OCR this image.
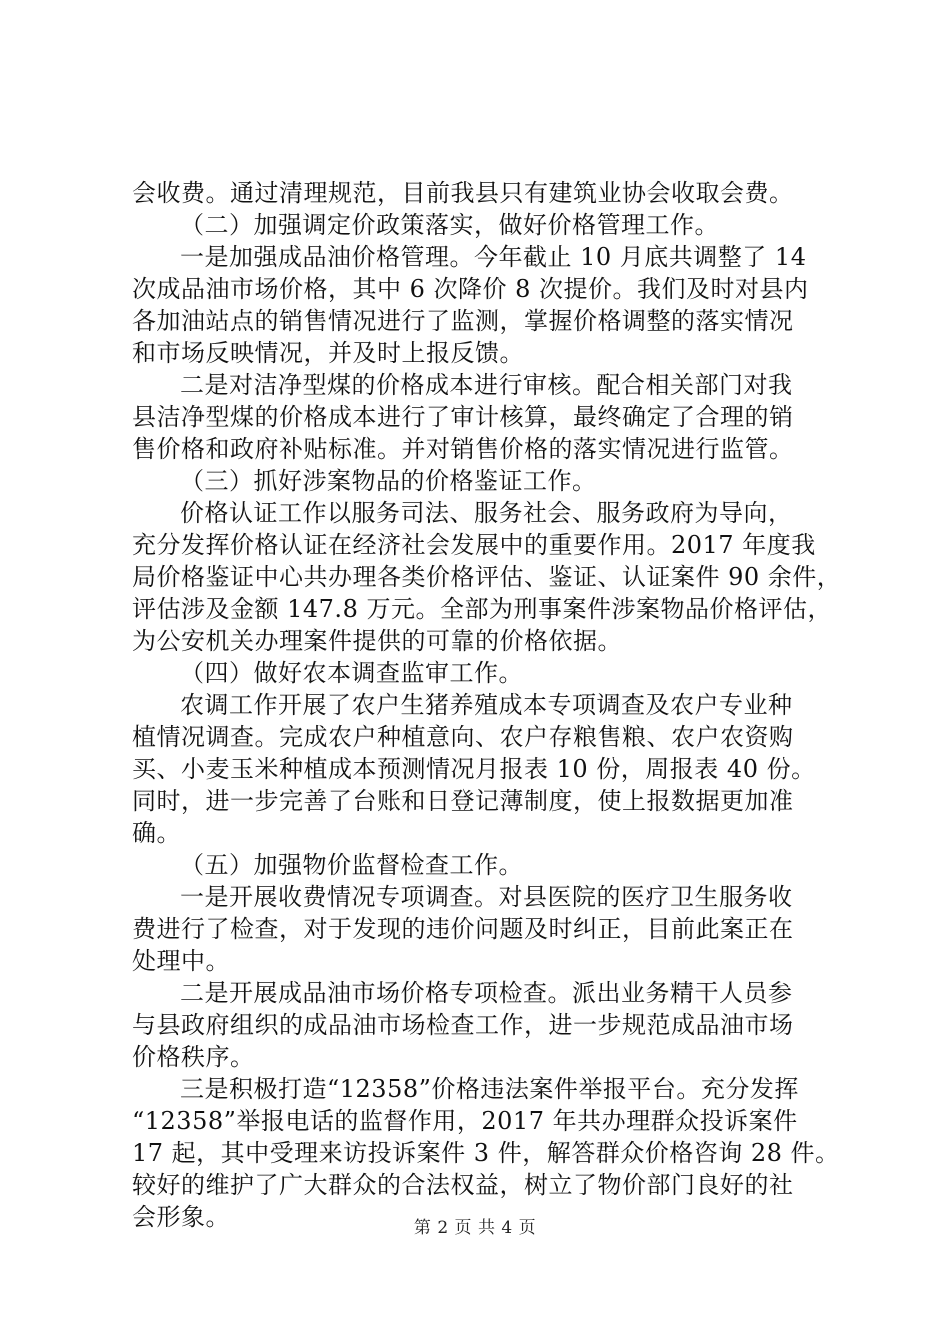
会收费。通过清理规范，目前我县只有建筑业协会收取会费。
（二）加强调定价政策落实，做好价格管理工作。
一是加强成品油价格管理。今年截止 10 月底共调整了 14
次成品油市场价格，其中 6 次降价 8 次提价。我们及时对县内
各加油站点的销售情况进行了监测，掌握价格调整的落实情况
和市场反映情况，并及时上报反馈。
二是对洁净型煤的价格成本进行审核。配合相关部门对我
县洁净型煤的价格成本进行了审计核算，最终确定了合理的销
售价格和政府补贴标准。并对销售价格的落实情况进行监管。
（三）抓好涉案物品的价格鉴证工作。
价格认证工作以服务司法、服务社会、服务政府为导向，
充分发挥价格认证在经济社会发展中的重要作用。2017 年度我
局价格鉴证中心共办理各类价格评估、鉴证、认证案件 90 余件，
评估涉及金额 147.8 万元。全部为刑事案件涉案物品价格评估，
为公安机关办理案件提供的可靠的价格依据。
（四）做好农本调查监审工作。
农调工作开展了农户生猪养殖成本专项调查及农户专业种
植情况调查。完成农户种植意向、农户存粮售粮、农户农资购
买、小麦玉米种植成本预测情况月报表 10 份，周报表 40 份。
同时，进一步完善了台账和日登记薄制度，使上报数据更加准
确。
（五）加强物价监督检查工作。
一是开展收费情况专项调查。对县医院的医疗卫生服务收
费进行了检查，对于发现的违价问题及时纠正，目前此案正在
处理中。
二是开展成品油市场价格专项检查。派出业务精干人员参
与县政府组织的成品油市场检查工作，进一步规范成品油市场
价格秩序。
三是积极打造“12358”价格违法案件举报平台。充分发挥
“12358”举报电话的监督作用，2017 年共办理群众投诉案件
17 起，其中受理来访投诉案件 3 件，解答群众价格咨询 28 件。
较好的维护了广大群众的合法权益，树立了物价部门良好的社
会形象。	第 2 页 共 4 页
